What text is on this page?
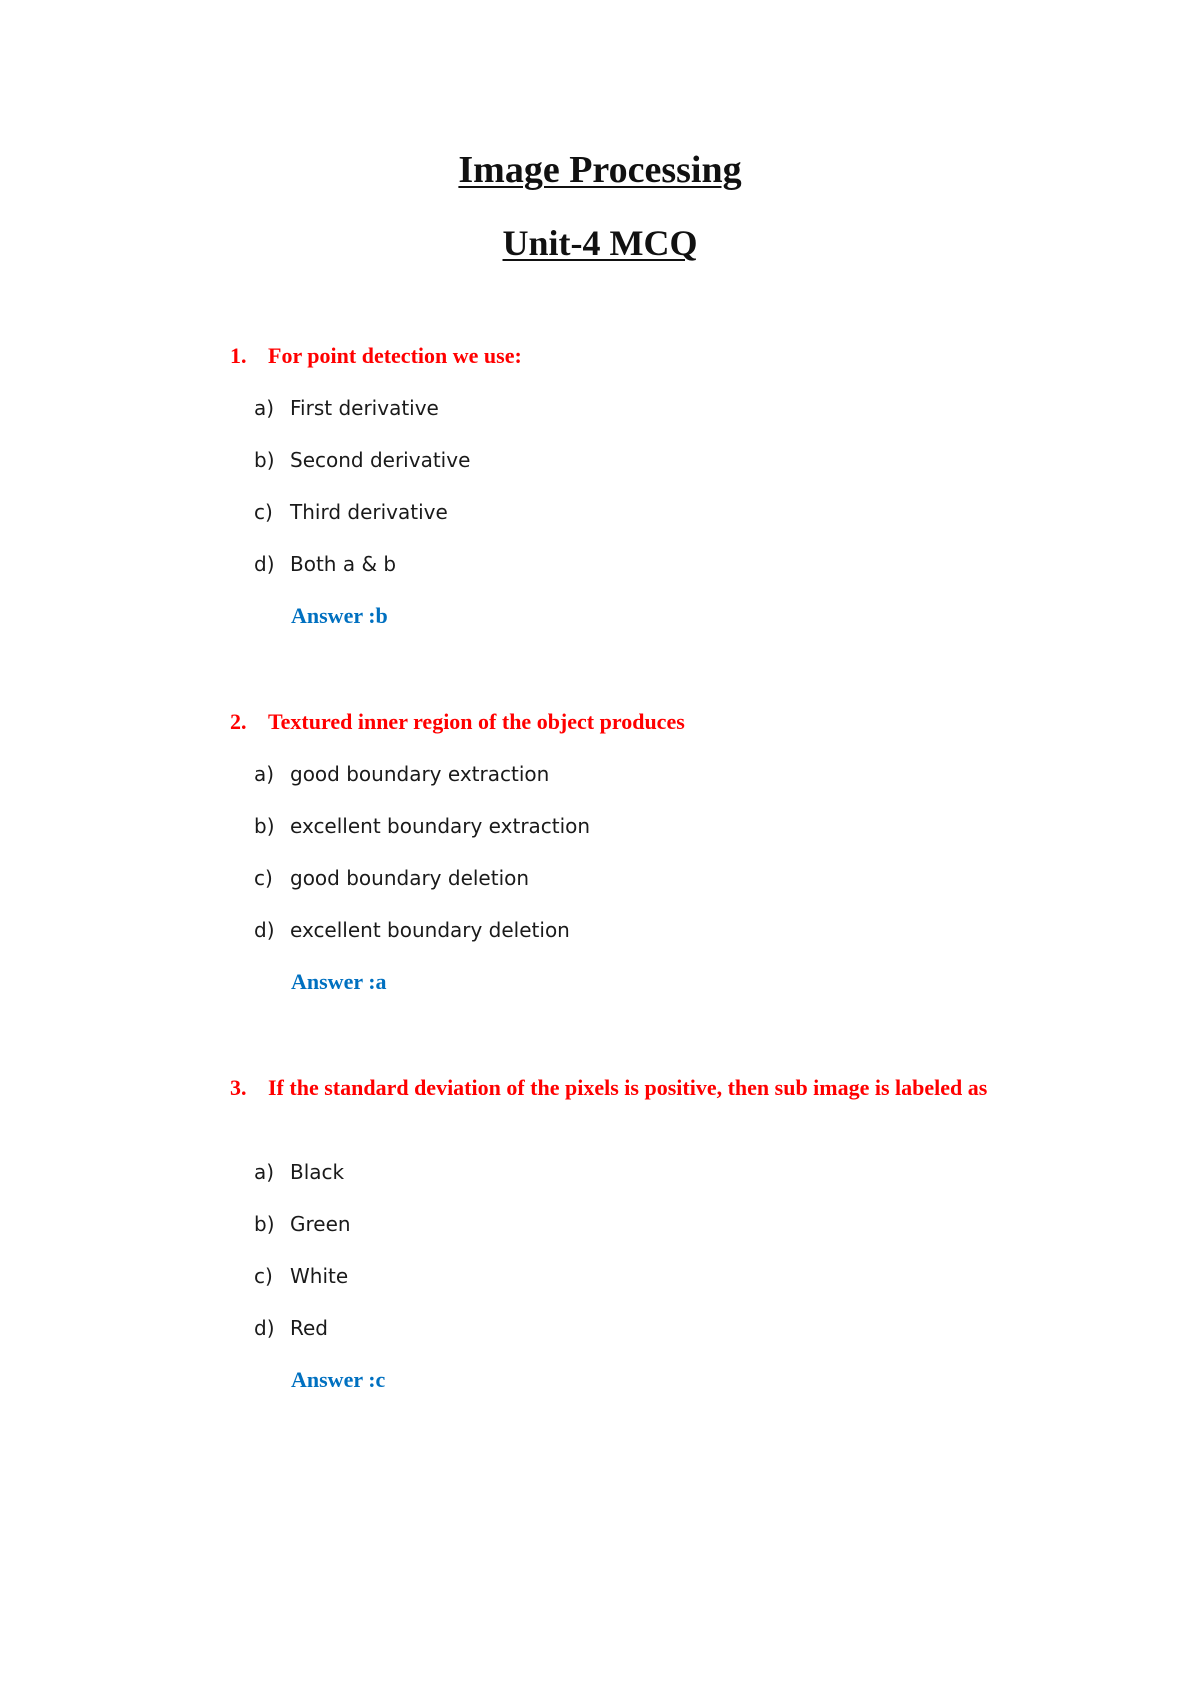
Image Processing
Unit-4 MCQ
1. For point detection we use:
a) First derivative
b) Second derivative
c) Third derivative
d) Both a & b
Answer :b
2. Textured inner region of the object produces
a) good boundary extraction
b) excellent boundary extraction
c) good boundary deletion
d) excellent boundary deletion
Answer :a
3. If the standard deviation of the pixels is positive, then sub image is labeled as
a) Black
b) Green
c) White
d) Red
Answer :c
